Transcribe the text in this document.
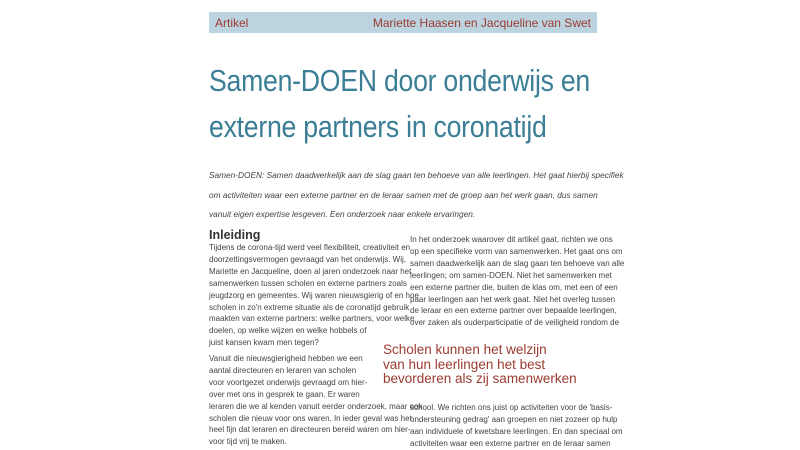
Artikel	Mariette Haasen en Jacqueline van Swet
Samen-DOEN door onderwijs en
externe partners in coronatijd
Samen-DOEN: Samen daadwerkelijk aan de slag gaan ten behoeve van alle leerlingen. Het gaat hierbij specifiek
om activiteiten waar een externe partner en de leraar samen met de groep aan het werk gaan, dus samen
vanuit eigen expertise lesgeven. Een onderzoek naar enkele ervaringen.
Inleiding
Tijdens de corona-tijd werd veel flexibiliteit, creativiteit en
doorzettingsvermogen gevraagd van het onderwijs. Wij,
Mariette en Jacqueline, doen al jaren onderzoek naar het
samenwerken tussen scholen en externe partners zoals
jeugdzorg en gemeentes. Wij waren nieuwsgierig of en hoe
scholen in zo'n extreme situatie als de coronatijd gebruik
maakten van externe partners: welke partners, voor welke
doelen, op welke wijzen en welke hobbels of
juist kansen kwam men tegen?
Vanuit die nieuwsgierigheid hebben we een
aantal directeuren en leraren van scholen
voor voortgezet onderwijs gevraagd om hier-
over met ons in gesprek te gaan. Er waren
leraren die we al kenden vanuit eerder onderzoek, maar ook
scholen die nieuw voor ons waren. In ieder geval was het
heel fijn dat leraren en directeuren bereid waren om hier-
voor tijd vrij te maken.
In het onderzoek waarover dit artikel gaat, richten we ons
op een specifieke vorm van samenwerken. Het gaat ons om
samen daadwerkelijk aan de slag gaan ten behoeve van alle
leerlingen; om samen-DOEN. Niet het samenwerken met
een externe partner die, buiten de klas om, met een of een
paar leerlingen aan het werk gaat. Niet het overleg tussen
de leraar en een externe partner over bepaalde leerlingen,
over zaken als ouderparticipatie of de veiligheid rondom de
Scholen kunnen het welzijn
van hun leerlingen het best
bevorderen als zij samenwerken
school. We richten ons juist op activiteiten voor de 'basis-
ondersteuning gedrag' aan groepen en niet zozeer op hulp
aan individuele of kwetsbare leerlingen. En dan speciaal om
activiteiten waar een externe partner en de leraar samen
